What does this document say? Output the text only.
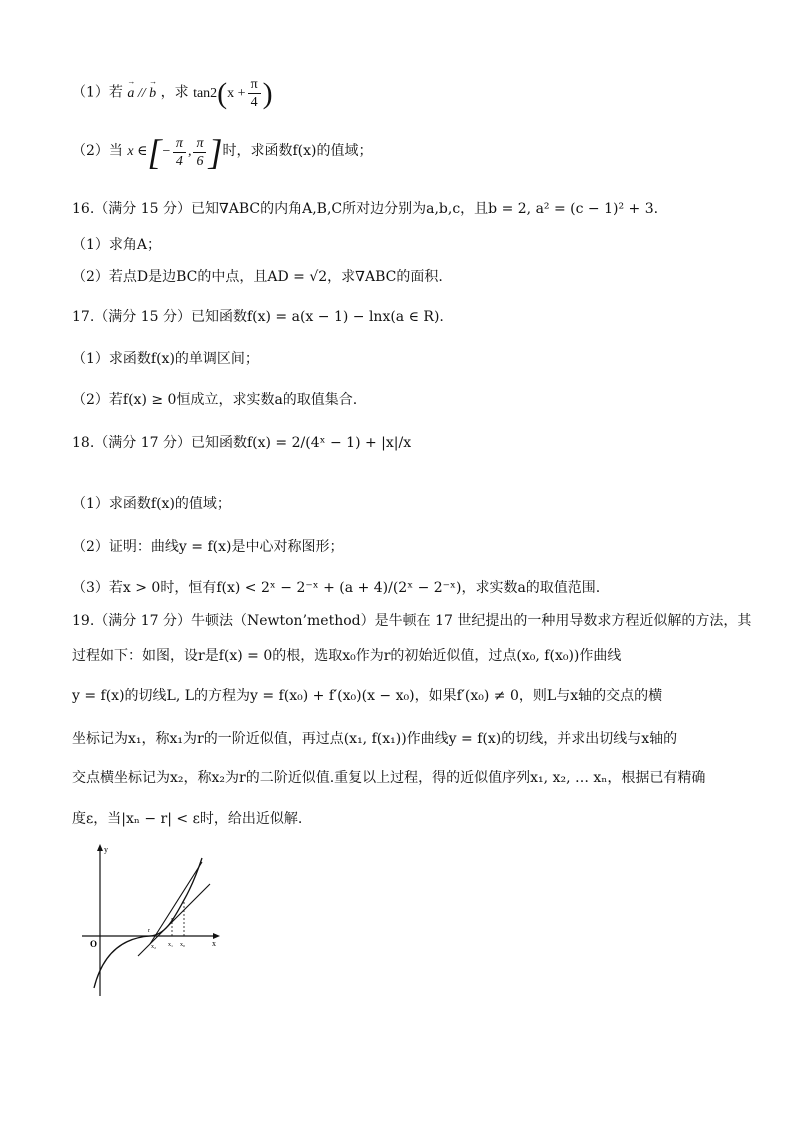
（1）若 → a // → b ，求 $\tan 2(x + \frac{\pi}{4}$ )
（2）当 x ∈[− $\frac{\pi}{4}$ , $\frac{\pi}{6}$ ]时，求函数f(x)的值域；
16.（满分 15 分）已知∇ABC的内角A,B,C所对边分别为a,b,c，且b = 2, a² = (c − 1)² + 3.
（1）求角A；
（2）若点D是边BC的中点，且AD = √2，求∇ABC的面积.
17.（满分 15 分）已知函数f(x) = a(x − 1) − lnx(a ∈ R).
（1）求函数f(x)的单调区间；
（2）若f(x) ≥ 0恒成立，求实数a的取值集合.
18.（满分 17 分）已知函数f(x) = 2/(4ˣ − 1) + |x|/x
（1）求函数f(x)的值域；
（2）证明：曲线y = f(x)是中心对称图形；
（3）若x > 0时，恒有f(x) < 2ˣ − 2⁻ˣ + (a + 4)/(2ˣ − 2⁻ˣ)，求实数a的取值范围.
19.（满分 17 分）牛顿法（Newton’method）是牛顿在 17 世纪提出的一种用导数求方程近似解的方法，其
过程如下：如图，设r是f(x) = 0的根，选取x₀作为r的初始近似值，过点(x₀, f(x₀))作曲线
y = f(x)的切线L, L的方程为y = f(x₀) + f′(x₀)(x − x₀)，如果f′(x₀) ≠ 0，则L与x轴的交点的横
坐标记为x₁，称x₁为r的一阶近似值，再过点(x₁, f(x₁))作曲线y = f(x)的切线，并求出切线与x轴的
交点横坐标记为x₂，称x₂为r的二阶近似值.重复以上过程，得的近似值序列x₁, x₂, … xₙ，根据已有精确
度ε，当|xₙ − r| < ε时，给出近似解.
y
x
O
r
x₂ x₁ x₀
